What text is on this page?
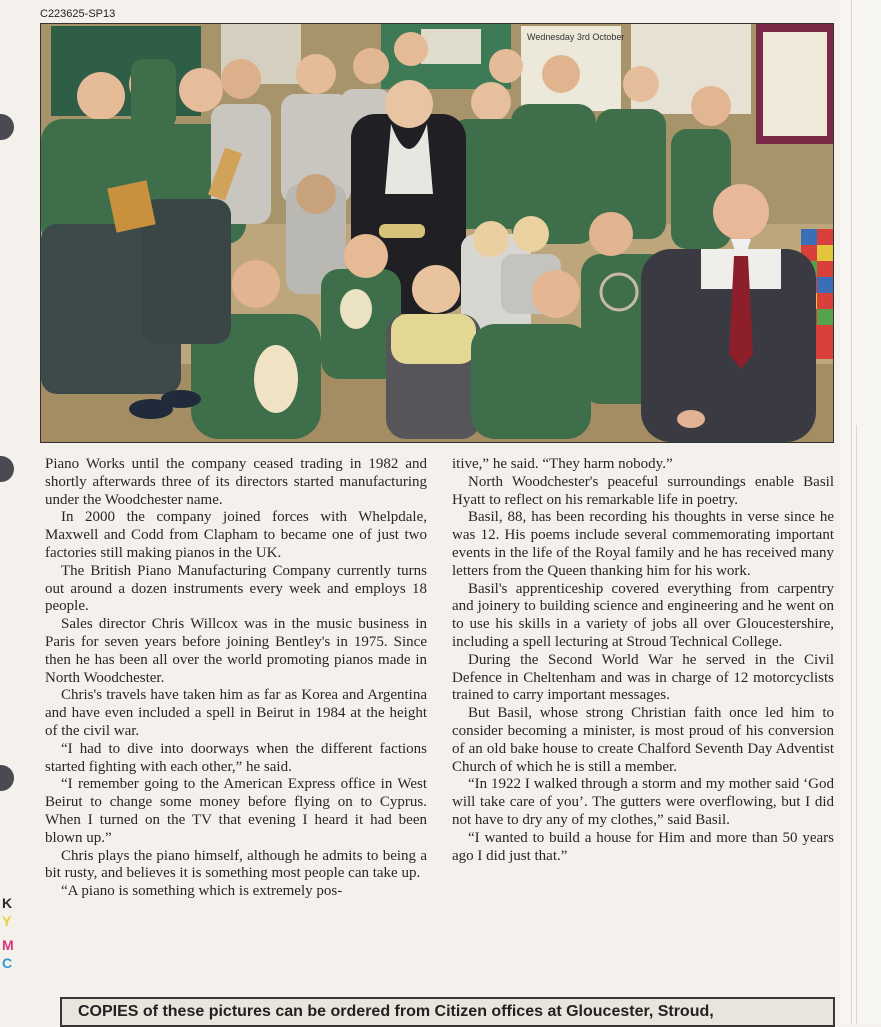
C223625-SP13
K
Y
M
C
Wednesday 3rd October

Piano Works until the company ceased trading in 1982 and shortly afterwards three of its directors started manufacturing under the Woodchester name.

In 2000 the company joined forces with Whelpdale, Maxwell and Codd from Clapham to became one of just two factories still making pianos in the UK.

The British Piano Manufacturing Company currently turns out around a dozen instruments every week and employs 18 people.

Sales director Chris Willcox was in the music business in Paris for seven years before joining Bentley's in 1975. Since then he has been all over the world promoting pianos made in North Woodchester.

Chris's travels have taken him as far as Korea and Argentina and have even included a spell in Beirut in 1984 at the height of the civil war.

“I had to dive into doorways when the different factions started fighting with each other,” he said.

“I remember going to the American Express office in West Beirut to change some money before flying on to Cyprus. When I turned on the TV that evening I heard it had been blown up.”

Chris plays the piano himself, although he admits to being a bit rusty, and believes it is something most people can take up.

“A piano is something which is extremely pos-

itive,” he said. “They harm nobody.”

North Woodchester's peaceful surroundings enable Basil Hyatt to reflect on his remarkable life in poetry.

Basil, 88, has been recording his thoughts in verse since he was 12. His poems include several commemorating important events in the life of the Royal family and he has received many letters from the Queen thanking him for his work.

Basil's apprenticeship covered everything from carpentry and joinery to building science and engineering and he went on to use his skills in a variety of jobs all over Gloucestershire, including a spell lecturing at Stroud Technical College.

During the Second World War he served in the Civil Defence in Cheltenham and was in charge of 12 motorcyclists trained to carry important messages.

But Basil, whose strong Christian faith once led him to consider becoming a minister, is most proud of his conversion of an old bake house to create Chalford Seventh Day Adventist Church of which he is still a member.

“In 1922 I walked through a storm and my mother said ‘God will take care of you’. The gutters were overflowing, but I did not have to dry any of my clothes,” said Basil.

“I wanted to build a house for Him and more than 50 years ago I did just that.”

COPIES of these pictures can be ordered from Citizen offices at Gloucester, Stroud,
